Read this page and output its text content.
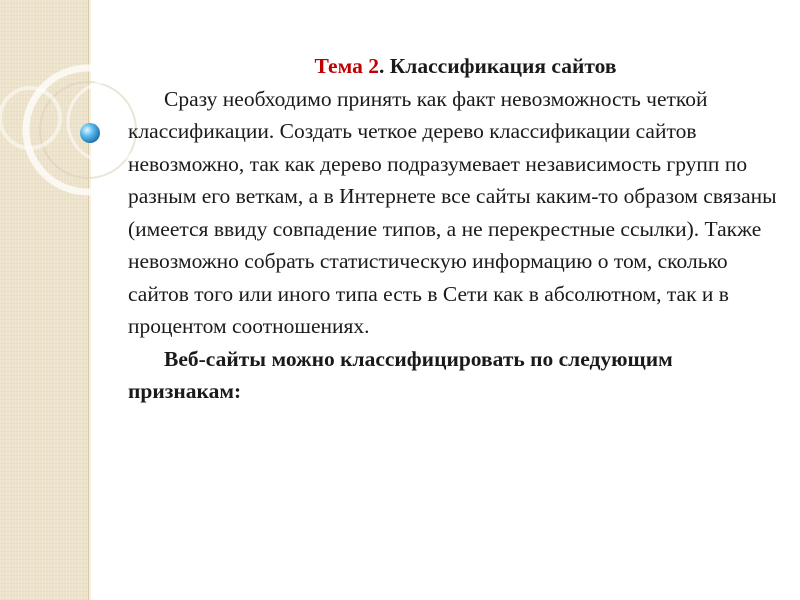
Тема 2. Классификация сайтов

Сразу необходимо принять как факт невозможность четкой классификации. Создать четкое дерево классификации сайтов невозможно, так как дерево подразумевает независимость групп по разным его веткам, а в Интернете все сайты каким-то образом связаны (имеется ввиду совпадение типов, а не перекрестные ссылки). Также невозможно собрать статистическую информацию о том, сколько сайтов того или иного типа есть в Сети как в абсолютном, так и в процентом соотношениях.

Веб-сайты можно классифицировать по следующим признакам:
